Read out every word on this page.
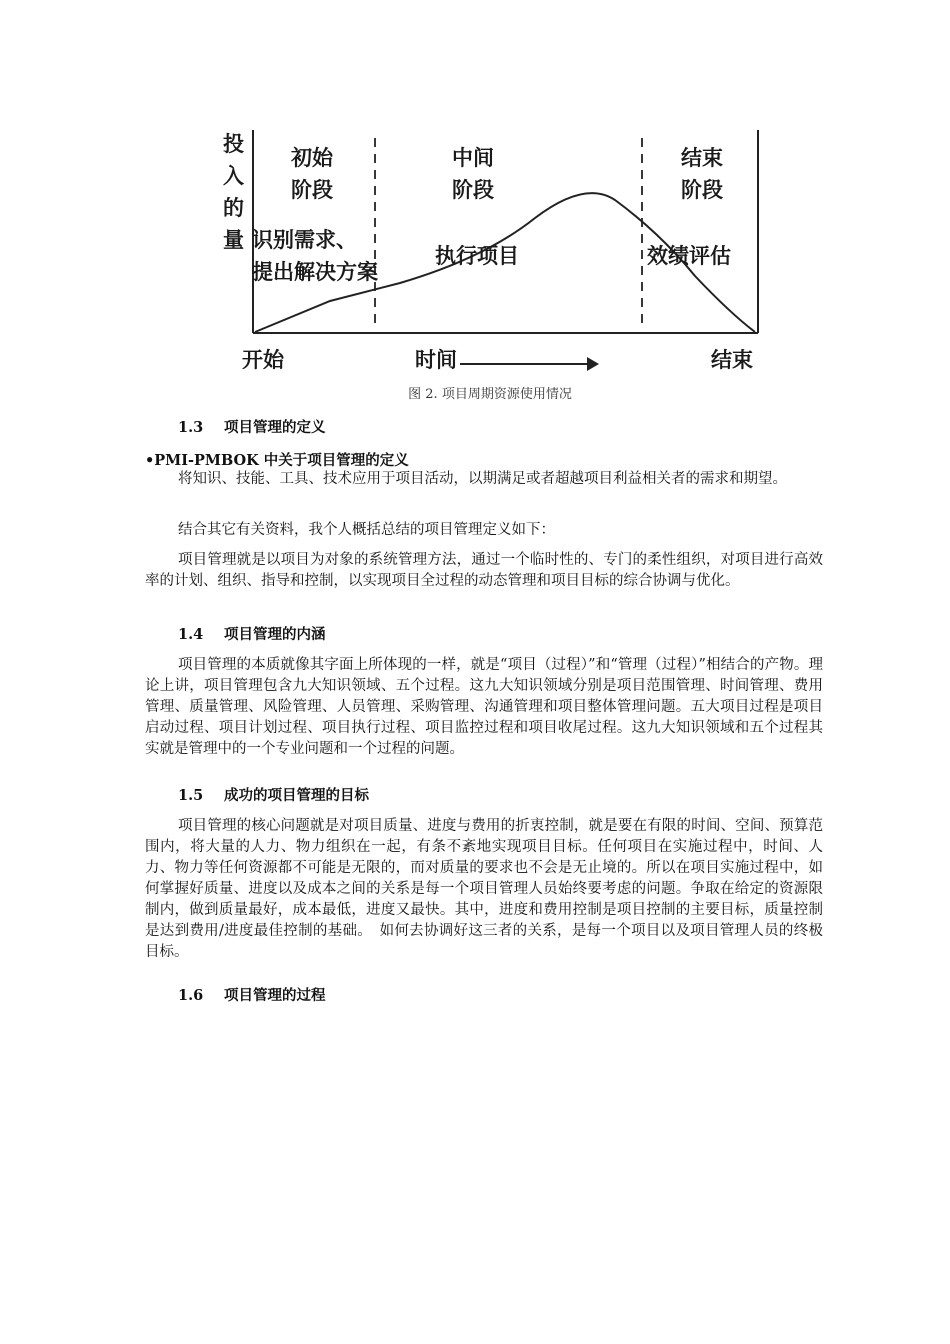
投
入
的
量
初始
阶段
中间
阶段
结束
阶段
识别需求、
提出解决方案
执行项目	效绩评估
开始	时间	结束
图 2. 项目周期资源使用情况
1.3 项目管理的定义
•PMI-PMBOK 中关于项目管理的定义
将知识、技能、工具、技术应用于项目活动，以期满足或者超越项目利益相关者的需求和期望。
结合其它有关资料，我个人概括总结的项目管理定义如下：
项目管理就是以项目为对象的系统管理方法，通过一个临时性的、专门的柔性组织，对项目进行高效率的计划、组织、指导和控制，以实现项目全过程的动态管理和项目目标的综合协调与优化。
1.4 项目管理的内涵
项目管理的本质就像其字面上所体现的一样，就是“项目（过程）”和“管理（过程）”相结合的产物。理论上讲，项目管理包含九大知识领域、五个过程。这九大知识领域分别是项目范围管理、时间管理、费用管理、质量管理、风险管理、人员管理、采购管理、沟通管理和项目整体管理问题。五大项目过程是项目启动过程、项目计划过程、项目执行过程、项目监控过程和项目收尾过程。这九大知识领域和五个过程其实就是管理中的一个专业问题和一个过程的问题。
1.5 成功的项目管理的目标
项目管理的核心问题就是对项目质量、进度与费用的折衷控制，就是要在有限的时间、空间、预算范围内，将大量的人力、物力组织在一起，有条不紊地实现项目目标。任何项目在实施过程中，时间、人力、物力等任何资源都不可能是无限的，而对质量的要求也不会是无止境的。所以在项目实施过程中，如何掌握好质量、进度以及成本之间的关系是每一个项目管理人员始终要考虑的问题。争取在给定的资源限制内，做到质量最好，成本最低，进度又最快。其中，进度和费用控制是项目控制的主要目标，质量控制是达到费用/进度最佳控制的基础。　如何去协调好这三者的关系，是每一个项目以及项目管理人员的终极目标。
1.6 项目管理的过程
